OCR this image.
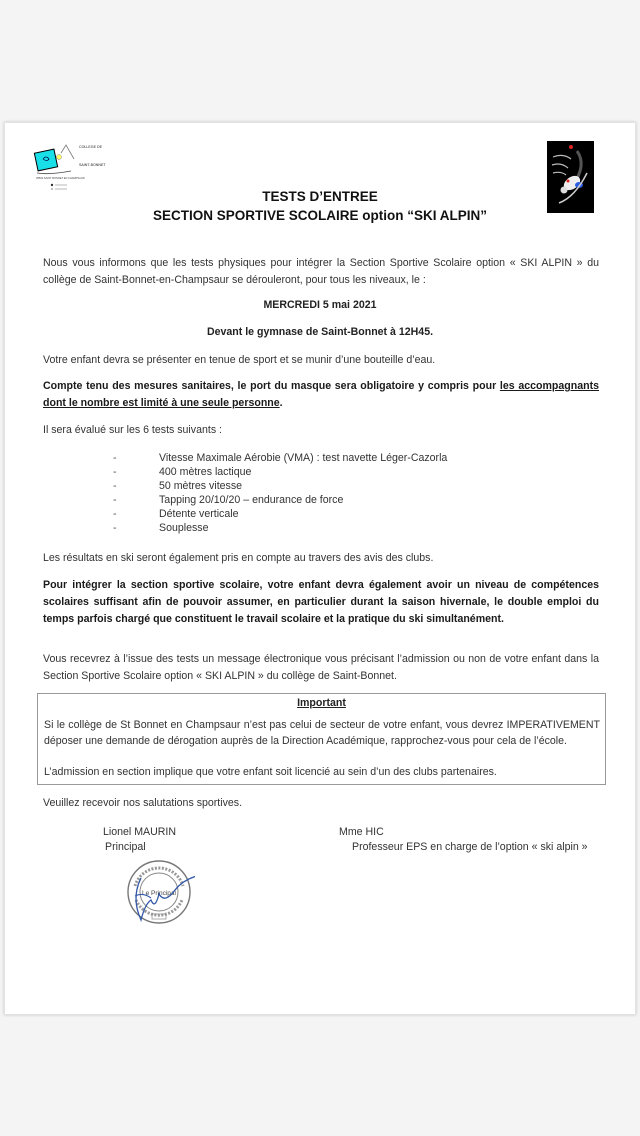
COLLEGE DE
SAINT-BONNET
05500 SAINT BONNET EN CHAMPSAUR
TESTS D’ENTREE
SECTION SPORTIVE SCOLAIRE option “SKI ALPIN”
Nous vous informons que les tests physiques pour intégrer la Section Sportive Scolaire option « SKI ALPIN » du collège de Saint-Bonnet-en-Champsaur se dérouleront, pour tous les niveaux, le :
MERCREDI 5 mai 2021
Devant le gymnase de Saint-Bonnet à 12H45.
Votre enfant devra se présenter en tenue de sport et se munir d’une bouteille d’eau.
Compte tenu des mesures sanitaires, le port du masque sera obligatoire y compris pour les accompagnants dont le nombre est limité à une seule personne.
Il sera évalué sur les 6 tests suivants :
-	Vitesse Maximale Aérobie (VMA) : test navette Léger-Cazorla
-	400 mètres lactique
-	50 mètres vitesse
-	Tapping 20/10/20 – endurance de force
-	Détente verticale
-	Souplesse
Les résultats en ski seront également pris en compte au travers des avis des clubs.
Pour intégrer la section sportive scolaire, votre enfant devra également avoir un niveau de compétences scolaires suffisant afin de pouvoir assumer, en particulier durant la saison hivernale, le double emploi du temps parfois chargé que constituent le travail scolaire et la pratique du ski simultanément.
Vous recevrez à l’issue des tests un message électronique vous précisant l’admission ou non de votre enfant dans la Section Sportive Scolaire option « SKI ALPIN » du collège de Saint-Bonnet.
Important
Si le collège de St Bonnet en Champsaur n’est pas celui de secteur de votre enfant, vous devrez IMPERATIVEMENT déposer une demande de dérogation auprès de la Direction Académique, rapprochez-vous pour cela de l’école.
L’admission en section implique que votre enfant soit licencié au sein d’un des clubs partenaires.
Veuillez recevoir nos salutations sportives.
Lionel MAURIN
Principal
Le Principal
Mme HIC
Professeur EPS en charge de l’option « ski alpin »
